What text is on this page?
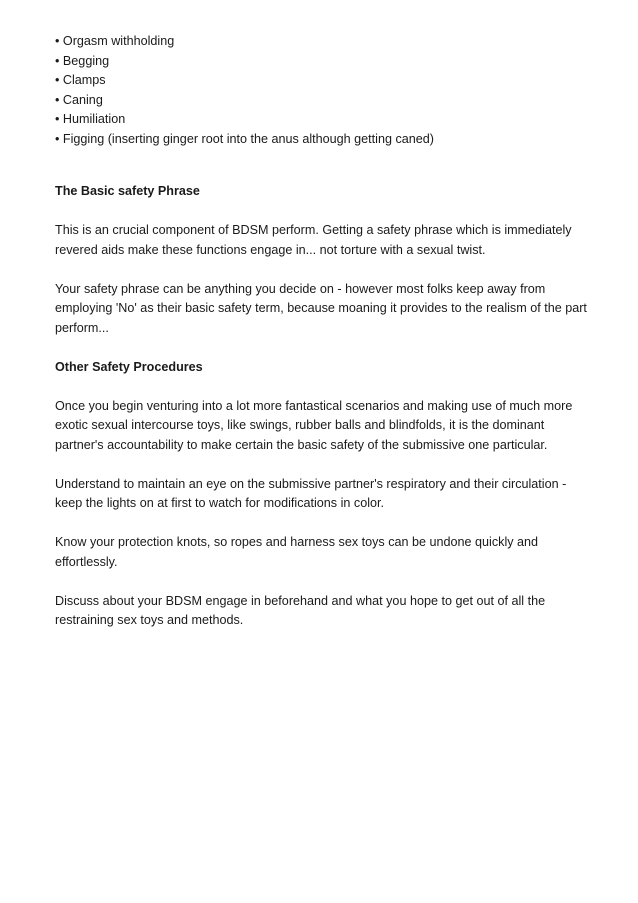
• Orgasm withholding
• Begging
• Clamps
• Caning
• Humiliation
• Figging (inserting ginger root into the anus although getting caned)

The Basic safety Phrase

This is an crucial component of BDSM perform. Getting a safety phrase which is immediately revered aids make these functions engage in... not torture with a sexual twist.

Your safety phrase can be anything you decide on - however most folks keep away from employing 'No' as their basic safety term, because moaning it provides to the realism of the part perform...

Other Safety Procedures

Once you begin venturing into a lot more fantastical scenarios and making use of much more exotic sexual intercourse toys, like swings, rubber balls and blindfolds, it is the dominant partner's accountability to make certain the basic safety of the submissive one particular.

Understand to maintain an eye on the submissive partner's respiratory and their circulation - keep the lights on at first to watch for modifications in color.

Know your protection knots, so ropes and harness sex toys can be undone quickly and effortlessly.

Discuss about your BDSM engage in beforehand and what you hope to get out of all the restraining sex toys and methods.
